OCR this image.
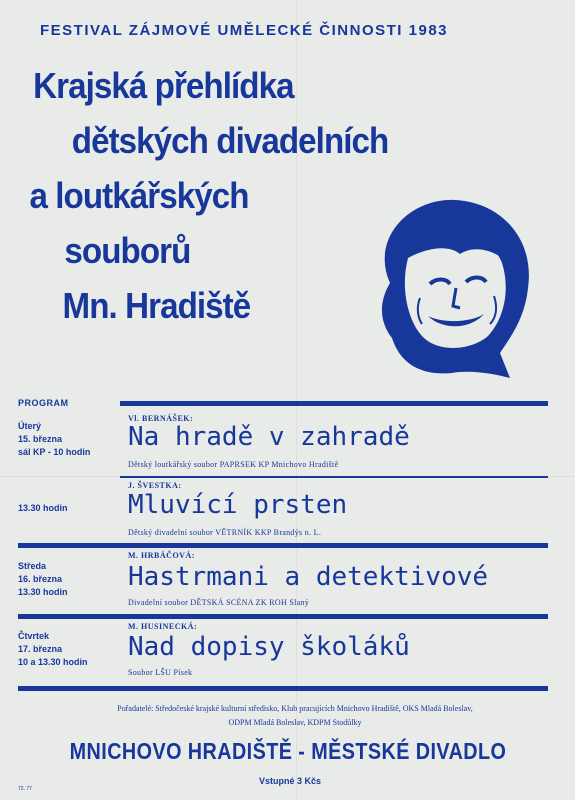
FESTIVAL ZÁJMOVÉ UMĚLECKÉ ČINNOSTI 1983
Krajská přehlídka
dětských divadelních
a loutkářských
souborů
Mn. Hradiště
PROGRAM
Úterý
15. března
sál KP - 10 hodin
Vl. BERNÁŠEK:
Na hradě v zahradě
Dětský loutkářský soubor PAPRSEK KP Mnichovo Hradiště
13.30 hodin
J. ŠVESTKA:
Mluvící prsten
Dětský divadelní soubor VĚTRNÍK KKP Brandýs n. L.
Středa
16. března
13.30 hodin
M. HRBÁČOVÁ:
Hastrmani a detektivové
Divadelní soubor DĚTSKÁ SCÉNA ZK ROH Slaný
Čtvrtek
17. března
10 a 13.30 hodin
M. HUSINECKÁ:
Nad dopisy školáků
Soubor LŠU Písek
Pořadatelé: Středočeské krajské kulturní středisko, Klub pracujících Mnichovo Hradiště, OKS Mladá Boleslav,
ODPM Mladá Boleslav, KDPM Stodůlky
MNICHOVO HRADIŠTĚ - MĚSTSKÉ DIVADLO
Vstupné 3 Kčs
72. 77
